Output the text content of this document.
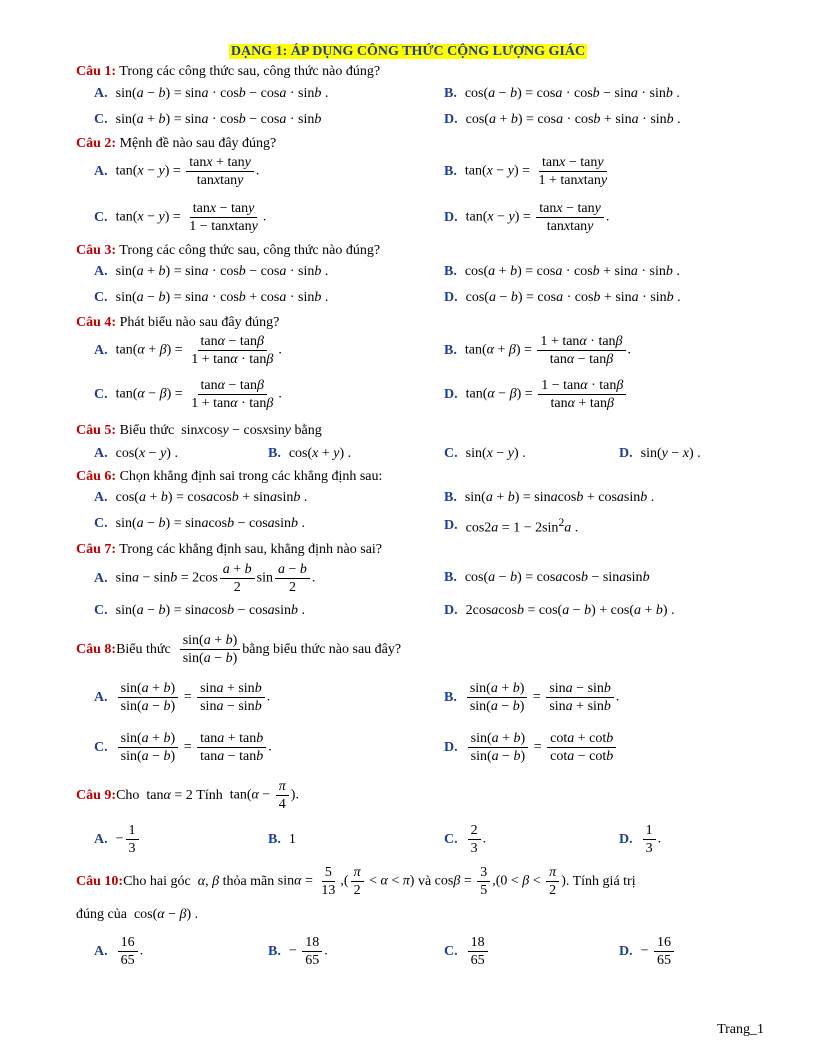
DẠNG 1: ÁP DỤNG CÔNG THỨC CỘNG LƯỢNG GIÁC
Câu 1: Trong các công thức sau, công thức nào đúng?
A. sin(a − b) = sina · cosb − cosa · sinb .	B. cos(a − b) = cosa · cosb − sina · sinb .
C. sin(a + b) = sina · cosb − cosa · sinb	D. cos(a + b) = cosa · cosb + sina · sinb .
Câu 2: Mệnh đề nào sau đây đúng?
A. $\tan(x - y) = \frac{\tan x + \tan y}{\text{tanxtany}}$ .	B. $\tan(x - y) = \frac{\tan x - \tan y}{\text{1 + tanxtany}}$
C. $\tan(x - y) = \frac{\tan x - \tan y}{\text{1 − tanxtany}}$ .	D. $\tan(x - y) = \frac{\tan x - \tan y}{\text{tanxtany}}$ .
Câu 3: Trong các công thức sau, công thức nào đúng?
A. sin(a + b) = sina · cosb − cosa · sinb .	B. cos(a + b) = cosa · cosb + sina · sinb .
C. sin(a − b) = sina · cosb + cosa · sinb .	D. cos(a − b) = cosa · cosb + sina · sinb .
Câu 4: Phát biểu nào sau đây đúng?
A. $\tan(\alpha + \beta) = \frac{\tan\alpha - \tan\beta}{1 + \tan\alpha \cdot \tan\beta}$ .	B. $\tan(\alpha + \beta) = \frac{1 + \tan\alpha \cdot \tan\beta}{\tan\alpha - \tan\beta}$ .
C. $\tan(\alpha - \beta) = \frac{\tan\alpha - \tan\beta}{1 + \tan\alpha \cdot \tan\beta}$ .	D. $\tan(\alpha - \beta) = \frac{1 - \tan\alpha \cdot \tan\beta}{\tan\alpha + \tan\beta}$
Câu 5: Biểu thức  sinxcosy − cosxsiny bằng
A. cos(x − y) .	B. cos(x + y) .	C. sin(x − y) .	D. sin(y − x) .
Câu 6: Chọn khẳng định sai trong các khẳng định sau:
A. cos(a + b) = cosacosb + sinasinb .	B. sin(a + b) = sinacosb + cosasinb .
C. sin(a − b) = sinacosb − cosasinb .	D. $\cos 2a = 1 - 2\sin^2a$ .
Câu 7: Trong các khẳng định sau, khẳng định nào sai?
A. $\sin a - \sin b = 2\cos \frac{a + b}{2}$ $\sin \frac{a - b}{2}$ .	B. cos(a − b) = cosacosb − sinasinb
C. sin(a − b) = sinacosb − cosasinb .	D. 2cosacosb = cos(a − b) + cos(a + b) .
Câu 8: Biểu thức
$\frac{\sin(a + b)}{\sin(a - b)}$ bằng biểu thức nào sau đây?
A. $\frac{\sin(a + b)}{\sin(a - b)} = \frac{\sin a + \sin b}{\sin a - \sin b}$ .	B. $\frac{\sin(a + b)}{\sin(a - b)} = \frac{\sin a - \sin b}{\sin a + \sin b}$ .
C. $\frac{\sin(a + b)}{\sin(a - b)} = \frac{\tan a + \tan b}{\tan a - \tan b}$ .	D. $\frac{\sin(a + b)}{\sin(a - b)} = \frac{\cot a + \cot b}{\cot a - \cot b}$
Câu 9: Cho tanα = 2 Tính $\tan(\alpha - \frac{\pi}{4}$ ).
A. − $\frac{1}{3}$	B. 1	C. $\frac{2}{3}$ .	D. $\frac{1}{3}$ .
Câu 10: Cho hai góc α, β thỏa mãn $\sin\alpha = \frac{5}{13}$ ,( $\frac{\pi}{2} < \alpha < \pi$) và $\cos\beta = \frac{3}{5} ,(0 < \beta < \frac{\pi}{2}$ ) . Tính giá trị
đúng của  cos(α − β) .
A. $\frac{16}{65}$ .	B. − $\frac{18}{65}$ .	C. $\frac{18}{65}$	D. − $\frac{16}{65}$
Trang_1
